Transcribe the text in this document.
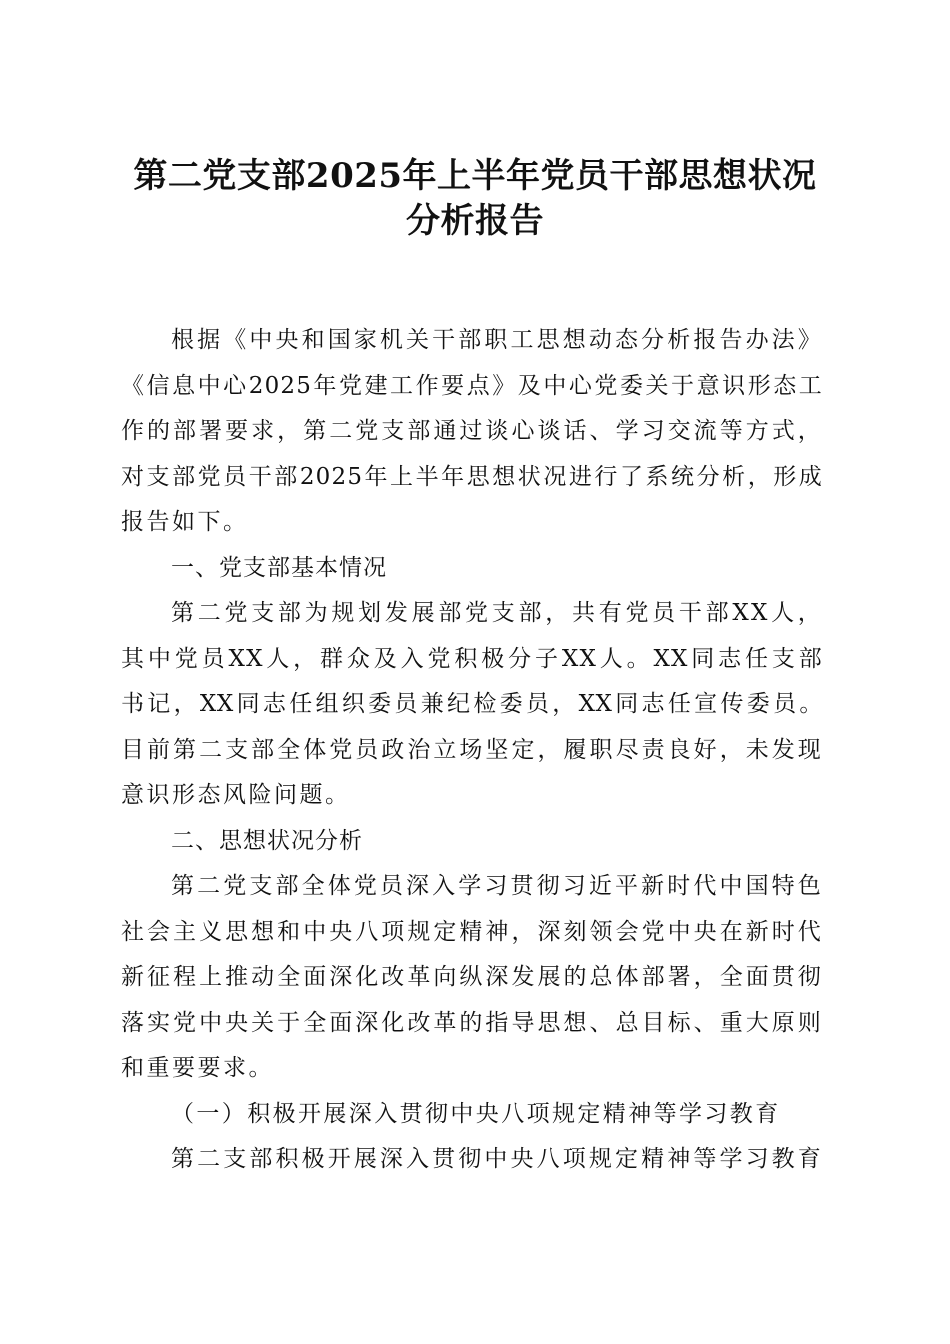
第二党支部2025年上半年党员干部思想状况
分析报告
根据《中央和国家机关干部职工思想动态分析报告办法》
《信息中心2025年党建工作要点》及中心党委关于意识形态工
作的部署要求，第二党支部通过谈心谈话、学习交流等方式，
对支部党员干部2025年上半年思想状况进行了系统分析，形成
报告如下。
一、党支部基本情况
第二党支部为规划发展部党支部，共有党员干部XX人，
其中党员XX人，群众及入党积极分子XX人。XX同志任支部
书记，XX同志任组织委员兼纪检委员，XX同志任宣传委员。
目前第二支部全体党员政治立场坚定，履职尽责良好，未发现
意识形态风险问题。
二、思想状况分析
第二党支部全体党员深入学习贯彻习近平新时代中国特色
社会主义思想和中央八项规定精神，深刻领会党中央在新时代
新征程上推动全面深化改革向纵深发展的总体部署，全面贯彻
落实党中央关于全面深化改革的指导思想、总目标、重大原则
和重要要求。
（一）积极开展深入贯彻中央八项规定精神等学习教育
第二支部积极开展深入贯彻中央八项规定精神等学习教育
